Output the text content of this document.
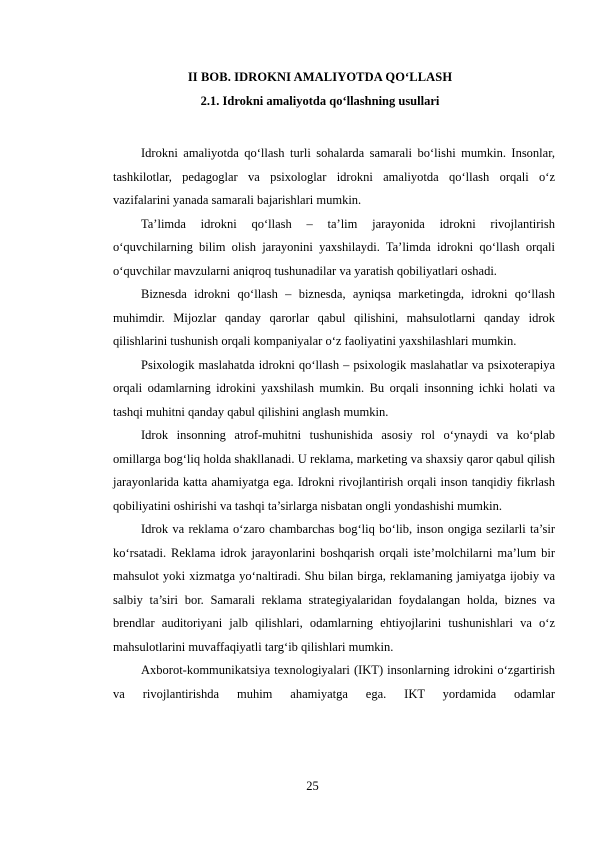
II BOB. IDROKNI AMALIYOTDA QO‘LLASH
2.1. Idrokni amaliyotda qo‘llashning usullari

Idrokni amaliyotda qo‘llash turli sohalarda samarali bo‘lishi mumkin. Insonlar, tashkilotlar, pedagoglar va psixologlar idrokni amaliyotda qo‘llash orqali o‘z vazifalarini yanada samarali bajarishlari mumkin.

Ta’limda idrokni qo‘llash – ta’lim jarayonida idrokni rivojlantirish o‘quvchilarning bilim olish jarayonini yaxshilaydi. Ta’limda idrokni qo‘llash orqali o‘quvchilar mavzularni aniqroq tushunadilar va yaratish qobiliyatlari oshadi.

Biznesda idrokni qo‘llash – biznesda, ayniqsa marketingda, idrokni qo‘llash muhimdir. Mijozlar qanday qarorlar qabul qilishini, mahsulotlarni qanday idrok qilishlarini tushunish orqali kompaniyalar o‘z faoliyatini yaxshilashlari mumkin.

Psixologik maslahatda idrokni qo‘llash – psixologik maslahatlar va psixoterapiya orqali odamlarning idrokini yaxshilash mumkin. Bu orqali insonning ichki holati va tashqi muhitni qanday qabul qilishini anglash mumkin.

Idrok insonning atrof-muhitni tushunishida asosiy rol o‘ynaydi va ko‘plab omillarga bog‘liq holda shakllanadi. U reklama, marketing va shaxsiy qaror qabul qilish jarayonlarida katta ahamiyatga ega. Idrokni rivojlantirish orqali inson tanqidiy fikrlash qobiliyatini oshirishi va tashqi ta’sirlarga nisbatan ongli yondashishi mumkin.

Idrok va reklama o‘zaro chambarchas bog‘liq bo‘lib, inson ongiga sezilarli ta’sir ko‘rsatadi. Reklama idrok jarayonlarini boshqarish orqali iste’molchilarni ma’lum bir mahsulot yoki xizmatga yo‘naltiradi. Shu bilan birga, reklamaning jamiyatga ijobiy va salbiy ta’siri bor. Samarali reklama strategiyalaridan foydalangan holda, biznes va brendlar auditoriyani jalb qilishlari, odamlarning ehtiyojlarini tushunishlari va o‘z mahsulotlarini muvaffaqiyatli targ‘ib qilishlari mumkin.

Axborot-kommunikatsiya texnologiyalari (IKT) insonlarning idrokini o‘zgartirish va rivojlantirishda muhim ahamiyatga ega. IKT yordamida odamlar

25
